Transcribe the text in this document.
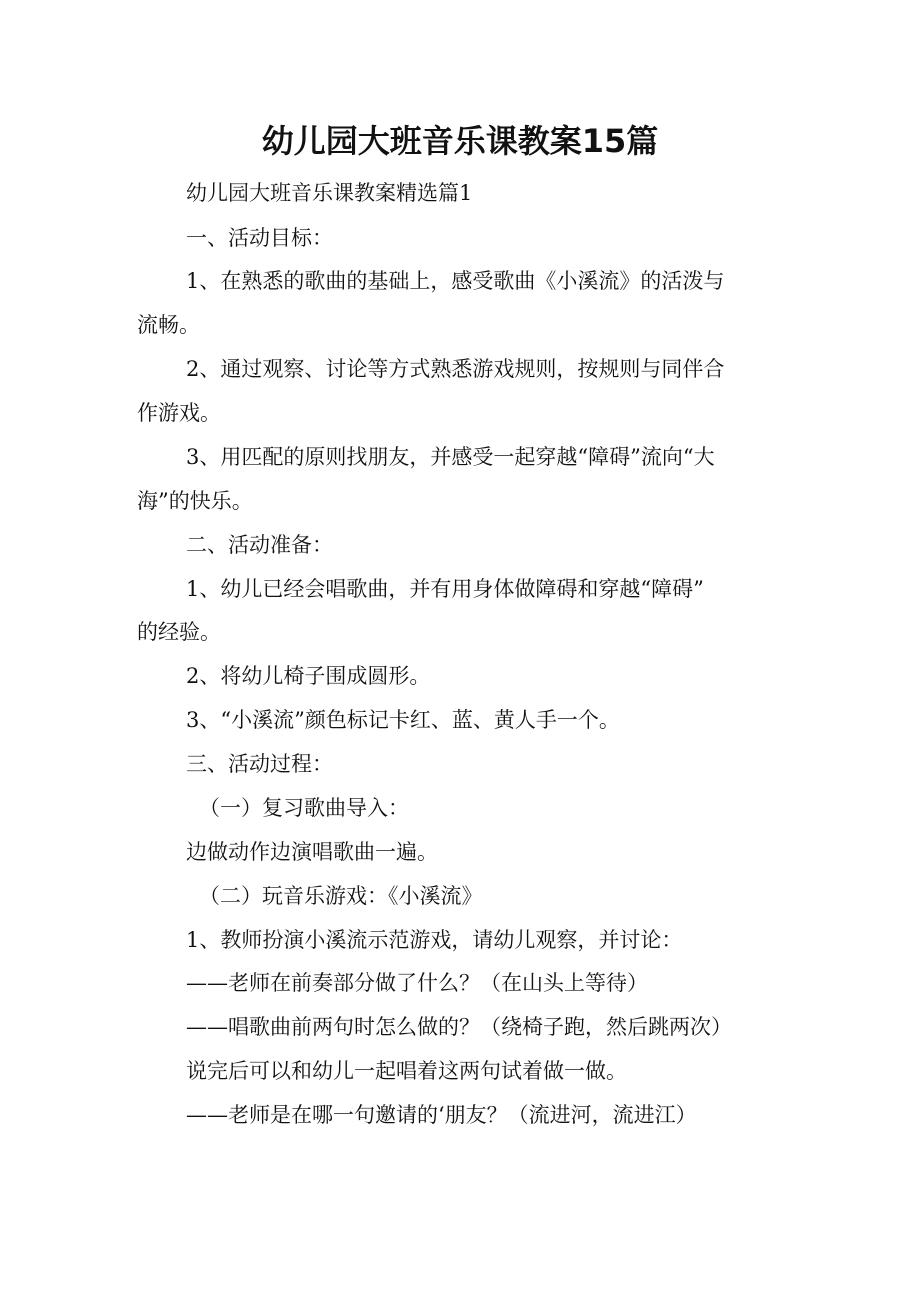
幼儿园大班音乐课教案15篇
幼儿园大班音乐课教案精选篇1
一、活动目标：
1、在熟悉的歌曲的基础上，感受歌曲《小溪流》的活泼与
流畅。
2、通过观察、讨论等方式熟悉游戏规则，按规则与同伴合
作游戏。
3、用匹配的原则找朋友，并感受一起穿越“障碍”流向“大
海”的快乐。
二、活动准备：
1、幼儿已经会唱歌曲，并有用身体做障碍和穿越“障碍”
的经验。
2、将幼儿椅子围成圆形。
3、“小溪流”颜色标记卡红、蓝、黄人手一个。
三、活动过程：
（一）复习歌曲导入：
边做动作边演唱歌曲一遍。
（二）玩音乐游戏：《小溪流》
1、教师扮演小溪流示范游戏，请幼儿观察，并讨论：
——老师在前奏部分做了什么？（在山头上等待）
——唱歌曲前两句时怎么做的？（绕椅子跑，然后跳两次）
说完后可以和幼儿一起唱着这两句试着做一做。
——老师是在哪一句邀请的‘朋友？（流进河，流进江）
